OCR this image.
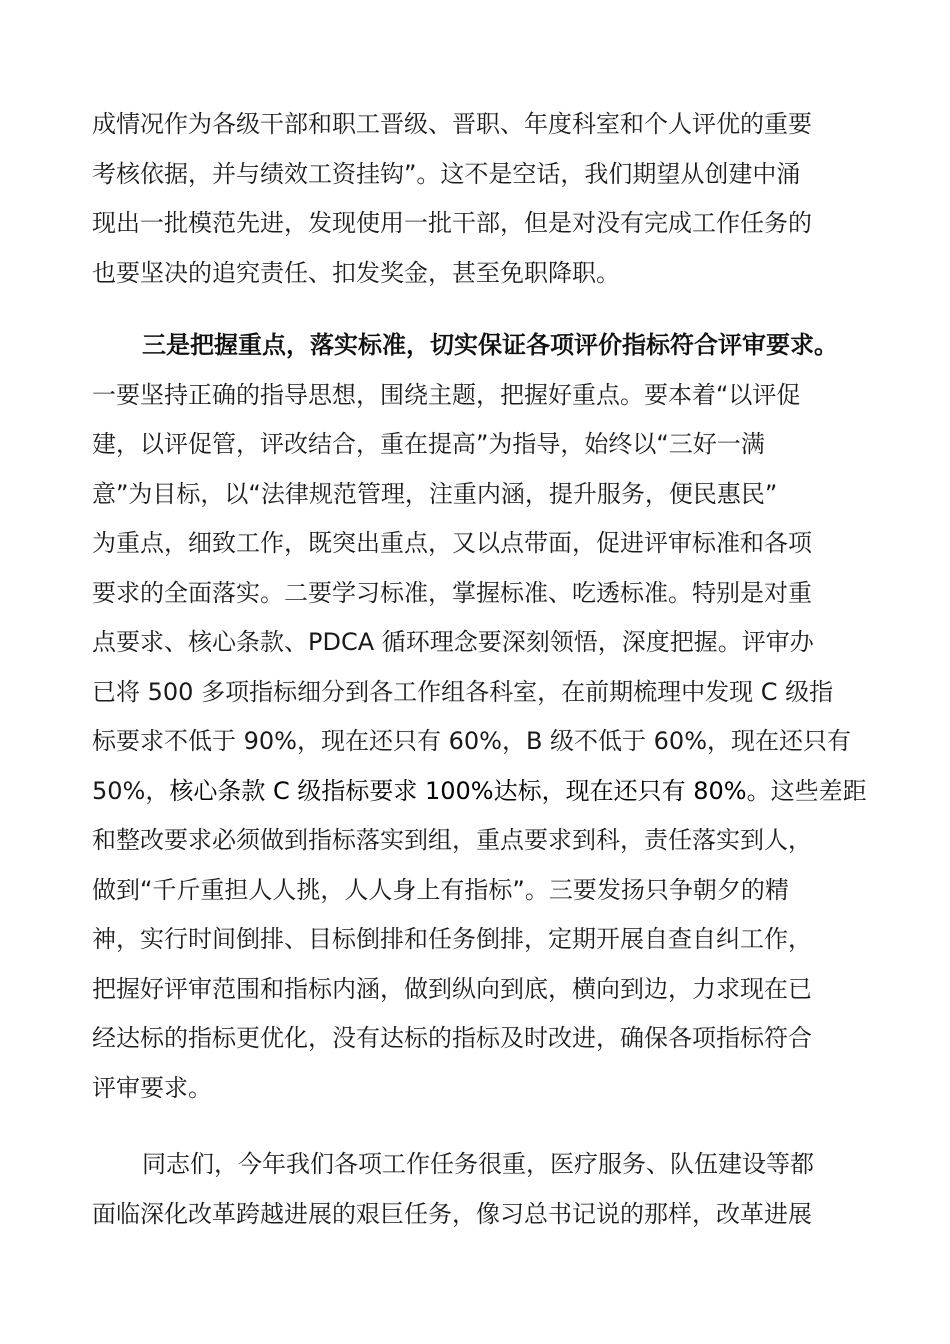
成情况作为各级干部和职工晋级、晋职、年度科室和个人评优的重要
考核依据，并与绩效工资挂钩”。这不是空话，我们期望从创建中涌
现出一批模范先进，发现使用一批干部，但是对没有完成工作任务的
也要坚决的追究责任、扣发奖金，甚至免职降职。
三是把握重点，落实标准，切实保证各项评价指标符合评审要求。
一要坚持正确的指导思想，围绕主题，把握好重点。要本着“以评促
建，以评促管，评改结合，重在提高”为指导，始终以“三好一满
意”为目标，以“法律规范管理，注重内涵，提升服务，便民惠民”
为重点，细致工作，既突出重点，又以点带面，促进评审标准和各项
要求的全面落实。二要学习标准，掌握标准、吃透标准。特别是对重
点要求、核心条款、PDCA 循环理念要深刻领悟，深度把握。评审办
已将 500 多项指标细分到各工作组各科室，在前期梳理中发现 C 级指
标要求不低于 90%，现在还只有 60%，B 级不低于 60%，现在还只有
50%，核心条款 C 级指标要求 100%达标，现在还只有 80%。这些差距
和整改要求必须做到指标落实到组，重点要求到科，责任落实到人，
做到“千斤重担人人挑，人人身上有指标”。三要发扬只争朝夕的精
神，实行时间倒排、目标倒排和任务倒排，定期开展自查自纠工作，
把握好评审范围和指标内涵，做到纵向到底，横向到边，力求现在已
经达标的指标更优化，没有达标的指标及时改进，确保各项指标符合
评审要求。
同志们，今年我们各项工作任务很重，医疗服务、队伍建设等都
面临深化改革跨越进展的艰巨任务，像习总书记说的那样，改革进展
